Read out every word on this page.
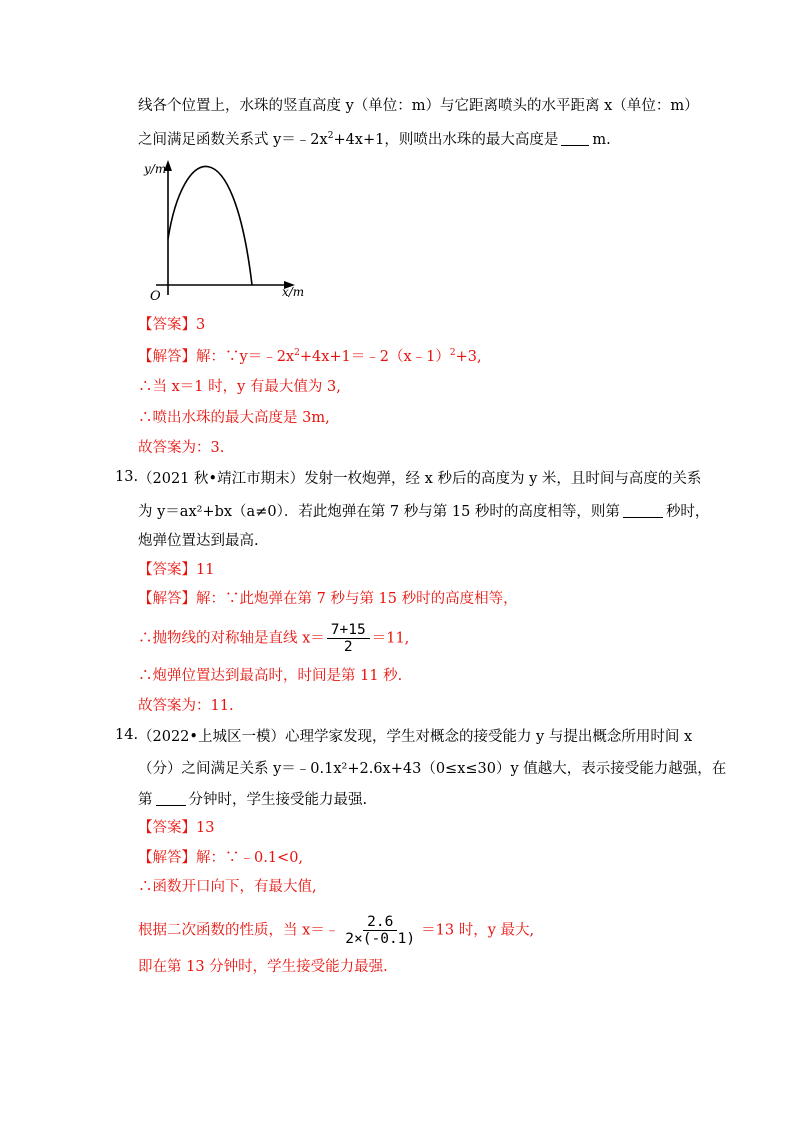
线各个位置上，水珠的竖直高度 y（单位：m）与它距离喷头的水平距离 x（单位：m）
之间满足函数关系式 $y=﹣2x^2+4x+1$，则喷出水珠的最大高度是 m.
y/m
x/m
O
【答案】3
【解答】解：$\because y=﹣2x^2+4x+1=﹣2(x﹣1)^2+3$,
∴当 x＝1 时，y 有最大值为 3,
∴喷出水珠的最大高度是 3m,
故答案为：3.
13. （2021 秋•靖江市期末）发射一枚炮弹，经 x 秒后的高度为 y 米，且时间与高度的关系
为 y＝ax²+bx（a≠0）．若此炮弹在第 7 秒与第 15 秒时的高度相等，则第	秒时，
炮弹位置达到最高.
【答案】11
【解答】解：∵此炮弹在第 7 秒与第 15 秒时的高度相等，
∴抛物线的对称轴是直线 $x= \frac{7+15}{2} =11$,
∴炮弹位置达到最高时，时间是第 11 秒.
故答案为：11.
14. （2022•上城区一模）心理学家发现，学生对概念的接受能力 y 与提出概念所用时间 x
（分）之间满足关系 y＝﹣0.1x²+2.6x+43（0≤x≤30）y 值越大，表示接受能力越强，在
第 分钟时，学生接受能力最强.
【答案】13
【解答】解：∵﹣0.1<0,
∴函数开口向下，有最大值,
根据二次函数的性质，当 x＝﹣ $\frac{2.6}{2\times(-0.1)} =13$ 时，y 最大,
即在第 13 分钟时，学生接受能力最强.
